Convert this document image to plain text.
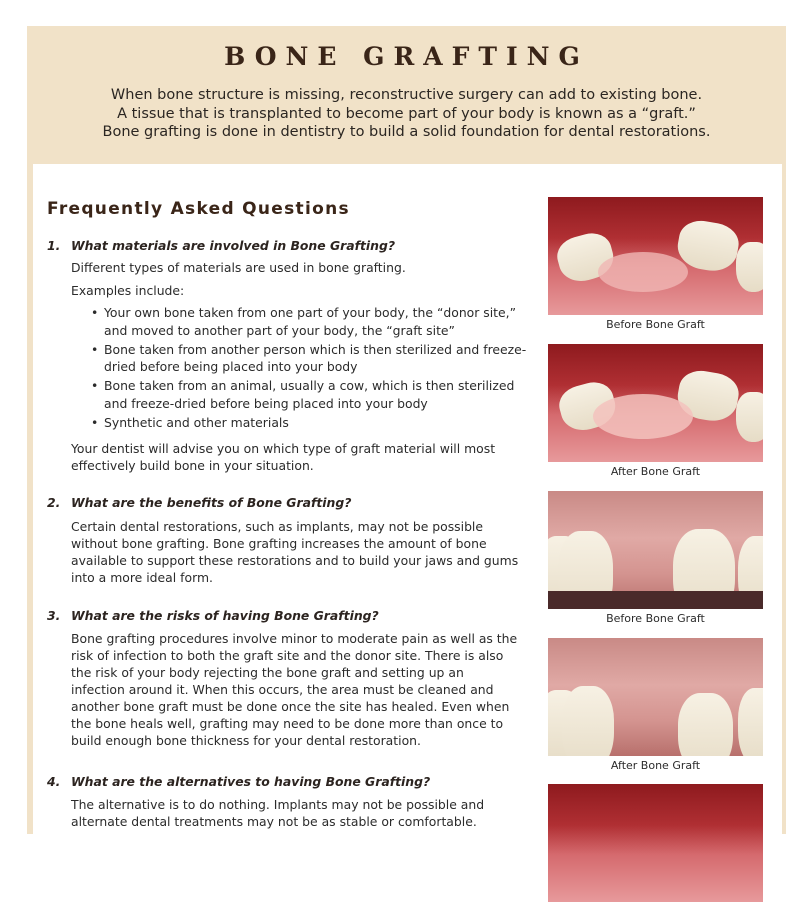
BONE GRAFTING
When bone structure is missing, reconstructive surgery can add to existing bone.
A tissue that is transplanted to become part of your body is known as a “graft.”
Bone grafting is done in dentistry to build a solid foundation for dental restorations.
Frequently Asked Questions
1. What materials are involved in Bone Grafting?
Different types of materials are used in bone grafting.
Examples include:
• Your own bone taken from one part of your body, the “donor site,” and moved to another part of your body, the “graft site”
• Bone taken from another person which is then sterilized and freeze-dried before being placed into your body
• Bone taken from an animal, usually a cow, which is then sterilized and freeze-dried before being placed into your body
• Synthetic and other materials
Your dentist will advise you on which type of graft material will most effectively build bone in your situation.
2. What are the benefits of Bone Grafting?
Certain dental restorations, such as implants, may not be possible without bone grafting. Bone grafting increases the amount of bone available to support these restorations and to build your jaws and gums into a more ideal form.
3. What are the risks of having Bone Grafting?
Bone grafting procedures involve minor to moderate pain as well as the risk of infection to both the graft site and the donor site. There is also the risk of your body rejecting the bone graft and setting up an infection around it. When this occurs, the area must be cleaned and another bone graft must be done once the site has healed. Even when the bone heals well, grafting may need to be done more than once to build enough bone thickness for your dental restoration.
4. What are the alternatives to having Bone Grafting?
The alternative is to do nothing. Implants may not be possible and alternate dental treatments may not be as stable or comfortable.
Before Bone Graft
After Bone Graft
Before Bone Graft
After Bone Graft
